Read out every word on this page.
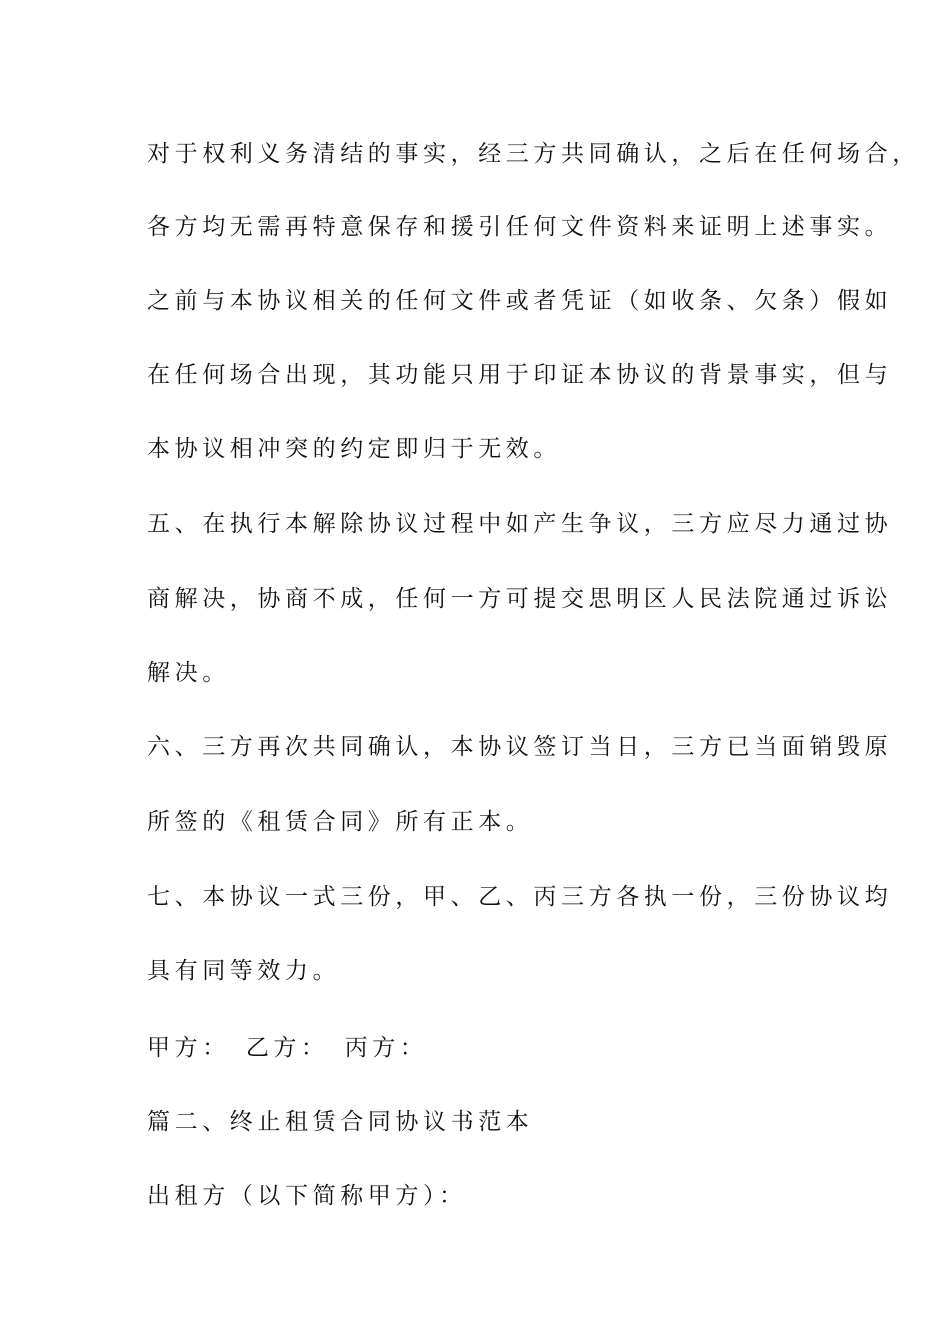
对于权利义务清结的事实，经三方共同确认，之后在任何场合，

各方均无需再特意保存和援引任何文件资料来证明上述事实。

之前与本协议相关的任何文件或者凭证（如收条、欠条）假如

在任何场合出现，其功能只用于印证本协议的背景事实，但与

本协议相冲突的约定即归于无效。

五、在执行本解除协议过程中如产生争议，三方应尽力通过协

商解决，协商不成，任何一方可提交思明区人民法院通过诉讼

解决。

六、三方再次共同确认，本协议签订当日，三方已当面销毁原

所签的《租赁合同》所有正本。

七、本协议一式三份，甲、乙、丙三方各执一份，三份协议均

具有同等效力。

甲方： 乙方： 丙方：

篇二、终止租赁合同协议书范本

出租方（以下简称甲方）：
